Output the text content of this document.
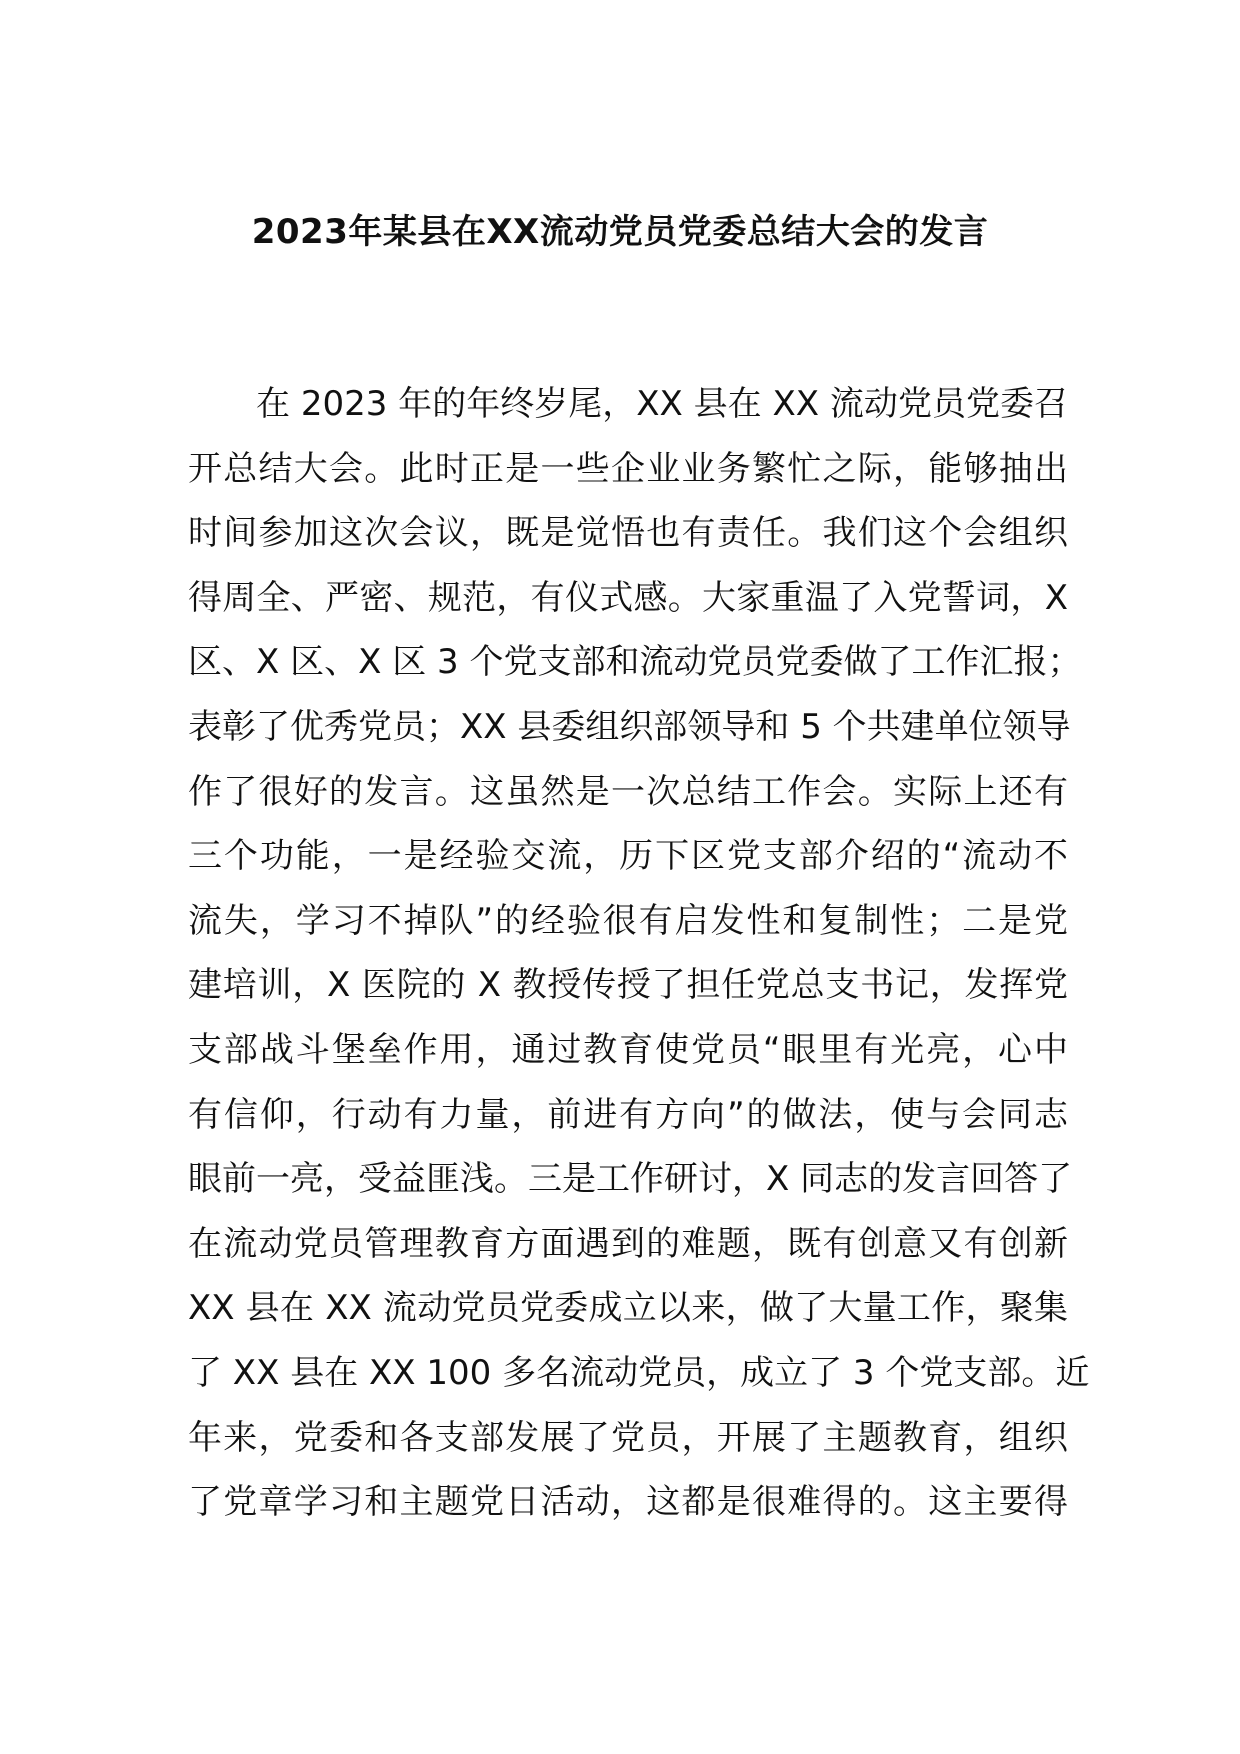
2023年某县在XX流动党员党委总结大会的发言
在 2023 年的年终岁尾，XX 县在 XX 流动党员党委召
开总结大会。此时正是一些企业业务繁忙之际，能够抽出
时间参加这次会议，既是觉悟也有责任。我们这个会组织
得周全、严密、规范，有仪式感。大家重温了入党誓词，X
区、X 区、X 区 3 个党支部和流动党员党委做了工作汇报；
表彰了优秀党员；XX 县委组织部领导和 5 个共建单位领导
作了很好的发言。这虽然是一次总结工作会。实际上还有
三个功能，一是经验交流，历下区党支部介绍的“流动不
流失，学习不掉队”的经验很有启发性和复制性；二是党
建培训，X 医院的 X 教授传授了担任党总支书记，发挥党
支部战斗堡垒作用，通过教育使党员“眼里有光亮，心中
有信仰，行动有力量，前进有方向”的做法，使与会同志
眼前一亮，受益匪浅。三是工作研讨，X 同志的发言回答了
在流动党员管理教育方面遇到的难题，既有创意又有创新
XX 县在 XX 流动党员党委成立以来，做了大量工作，聚集
了 XX 县在 XX 100 多名流动党员，成立了 3 个党支部。近
年来，党委和各支部发展了党员，开展了主题教育，组织
了党章学习和主题党日活动，这都是很难得的。这主要得
